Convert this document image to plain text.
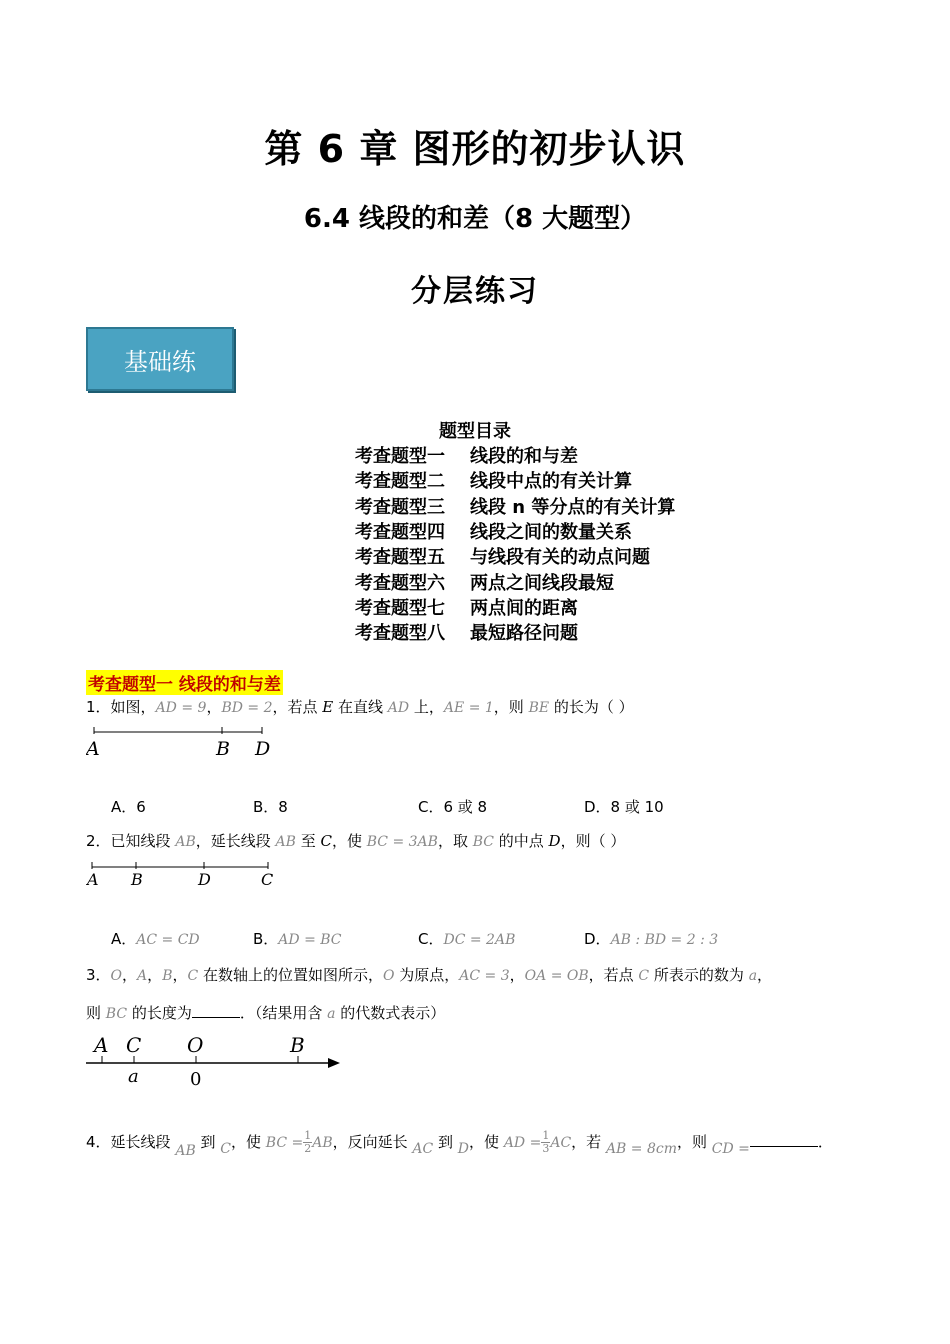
第 6 章 图形的初步认识
6.4 线段的和差（8 大题型）
分层练习
基础练
题型目录
考查题型一 线段的和与差
考查题型二 线段中点的有关计算
考查题型三 线段 n 等分点的有关计算
考查题型四 线段之间的数量关系
考查题型五 与线段有关的动点问题
考查题型六 两点之间线段最短
考查题型七 两点间的距离
考查题型八 最短路径问题
考查题型一 线段的和与差
1．如图，AD = 9，BD = 2，若点 E 在直线 AD 上，AE = 1，则 BE 的长为（ ）
A	B D
A．6	B．8	C．6 或 8	D．8 或 10
2．已知线段 AB，延长线段 AB 至 C，使 BC = 3AB，取 BC 的中点 D，则（ ）
A B	D	C
A．AC = CD	B．AD = BC	C．DC = 2AB	D．AB : BD = 2 : 3
3．O，A，B，C 在数轴上的位置如图所示，O 为原点，AC = 3，OA = OB，若点 C 所表示的数为 a，
则 BC 的长度为	．（结果用含 a 的代数式表示）
A C O	B
a	0
4．延长线段 AB 到 C，使 BC = $\frac{1}{2}$ AB，反向延长 AC 到 D，使 AD = $\frac{1}{3}$ AC，若 AB = 8cm，则 CD =	．
